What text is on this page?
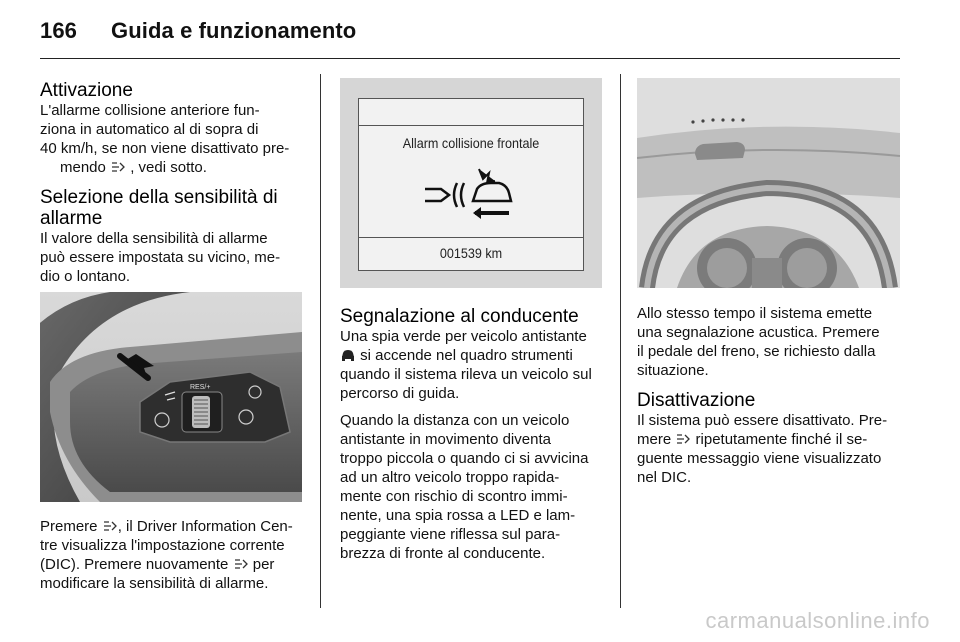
166 Guida e funzionamento
Attivazione
L'allarme collisione anteriore fun-
ziona in automatico al di sopra di
40 km/h, se non viene disattivato pre-
mendo , vedi sotto.
Selezione della sensibilità di
allarme
Il valore della sensibilità di allarme
può essere impostata su vicino, me-
dio o lontano.
RES/+
Premere , il Driver Information Cen-
tre visualizza l'impostazione corrente
(DIC). Premere nuovamente per
modificare la sensibilità di allarme.
Allarm collisione frontale
001539 km
Segnalazione al conducente
Una spia verde per veicolo antistante
si accende nel quadro strumenti
quando il sistema rileva un veicolo sul
percorso di guida.
Quando la distanza con un veicolo
antistante in movimento diventa
troppo piccola o quando ci si avvicina
ad un altro veicolo troppo rapida-
mente con rischio di scontro immi-
nente, una spia rossa a LED e lam-
peggiante viene riflessa sul para-
brezza di fronte al conducente.
Allo stesso tempo il sistema emette
una segnalazione acustica. Premere
il pedale del freno, se richiesto dalla
situazione.
Disattivazione
Il sistema può essere disattivato. Pre-
mere ripetutamente finché il se-
guente messaggio viene visualizzato
nel DIC.
carmanualsonline.info
